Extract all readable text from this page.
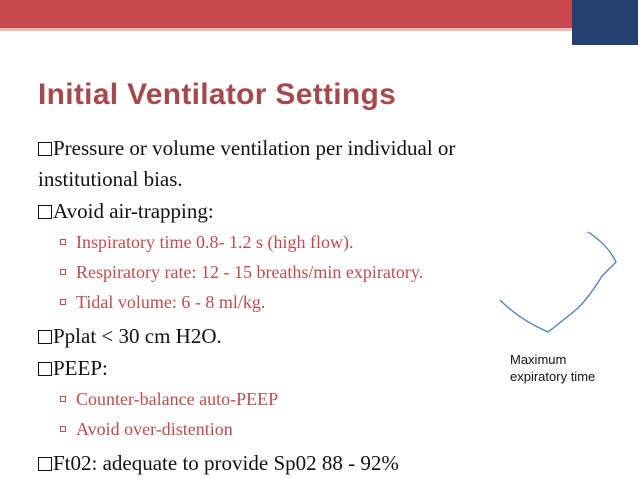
Initial Ventilator Settings
Pressure or volume ventilation per individual or
institutional bias.
Avoid air-trapping:
Inspiratory time 0.8- 1.2 s (high flow).
Respiratory rate: 12 - 15 breaths/min expiratory.
Tidal volume: 6 - 8 ml/kg.
Pplat < 30 cm H2O.
PEEP:
Counter-balance auto-PEEP
Avoid over-distention
Ft02: adequate to provide Sp02 88 - 92%
Maximum
expiratory time
